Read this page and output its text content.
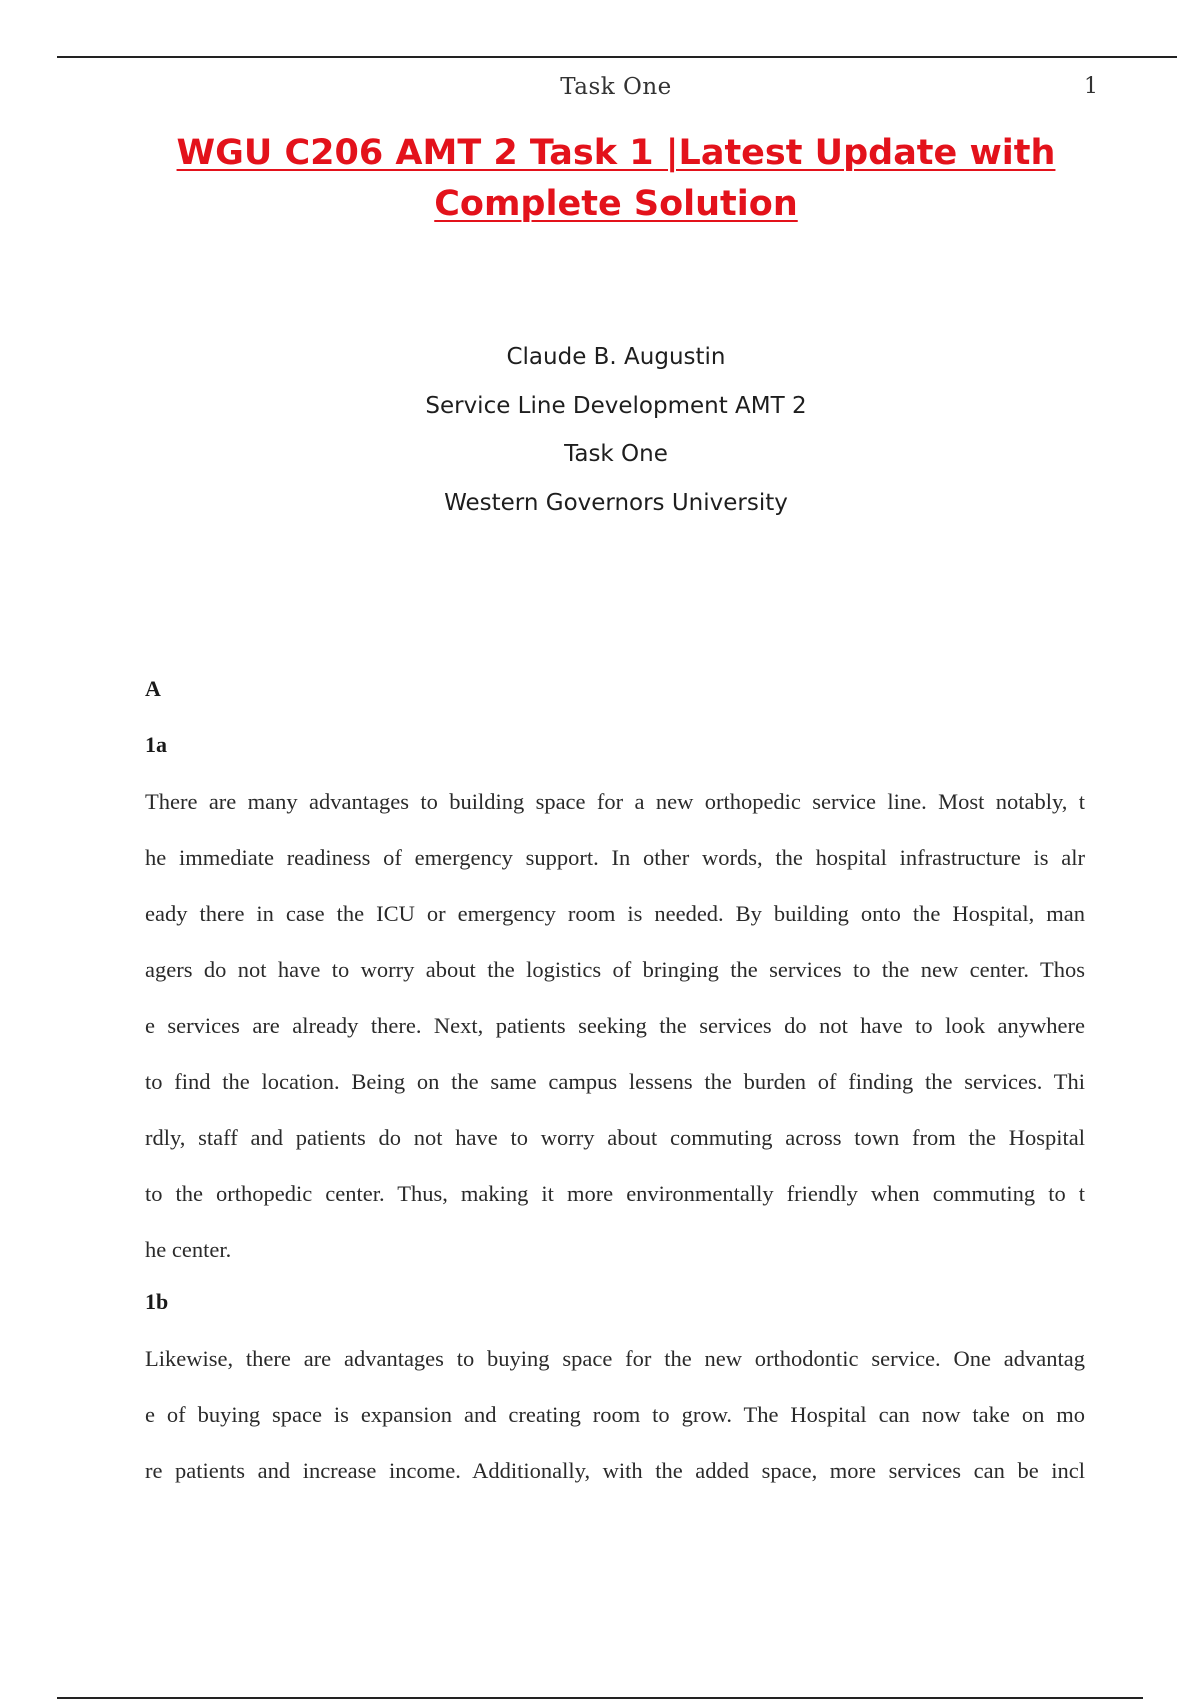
Task One	1
WGU C206 AMT 2 Task 1 |Latest Update with
Complete Solution
Claude B. Augustin
Service Line Development AMT 2
Task One
Western Governors University
A
1a
There are many advantages to building space for a new orthopedic service line. Most notably, t
he immediate readiness of emergency support. In other words, the hospital infrastructure is alr
eady there in case the ICU or emergency room is needed. By building onto the Hospital, man
agers do not have to worry about the logistics of bringing the services to the new center. Thos
e services are already there. Next, patients seeking the services do not have to look anywhere
to find the location. Being on the same campus lessens the burden of finding the services. Thi
rdly, staff and patients do not have to worry about commuting across town from the Hospital
to the orthopedic center. Thus, making it more environmentally friendly when commuting to t
he center.
1b
Likewise, there are advantages to buying space for the new orthodontic service. One advantag
e of buying space is expansion and creating room to grow. The Hospital can now take on mo
re patients and increase income. Additionally, with the added space, more services can be incl
